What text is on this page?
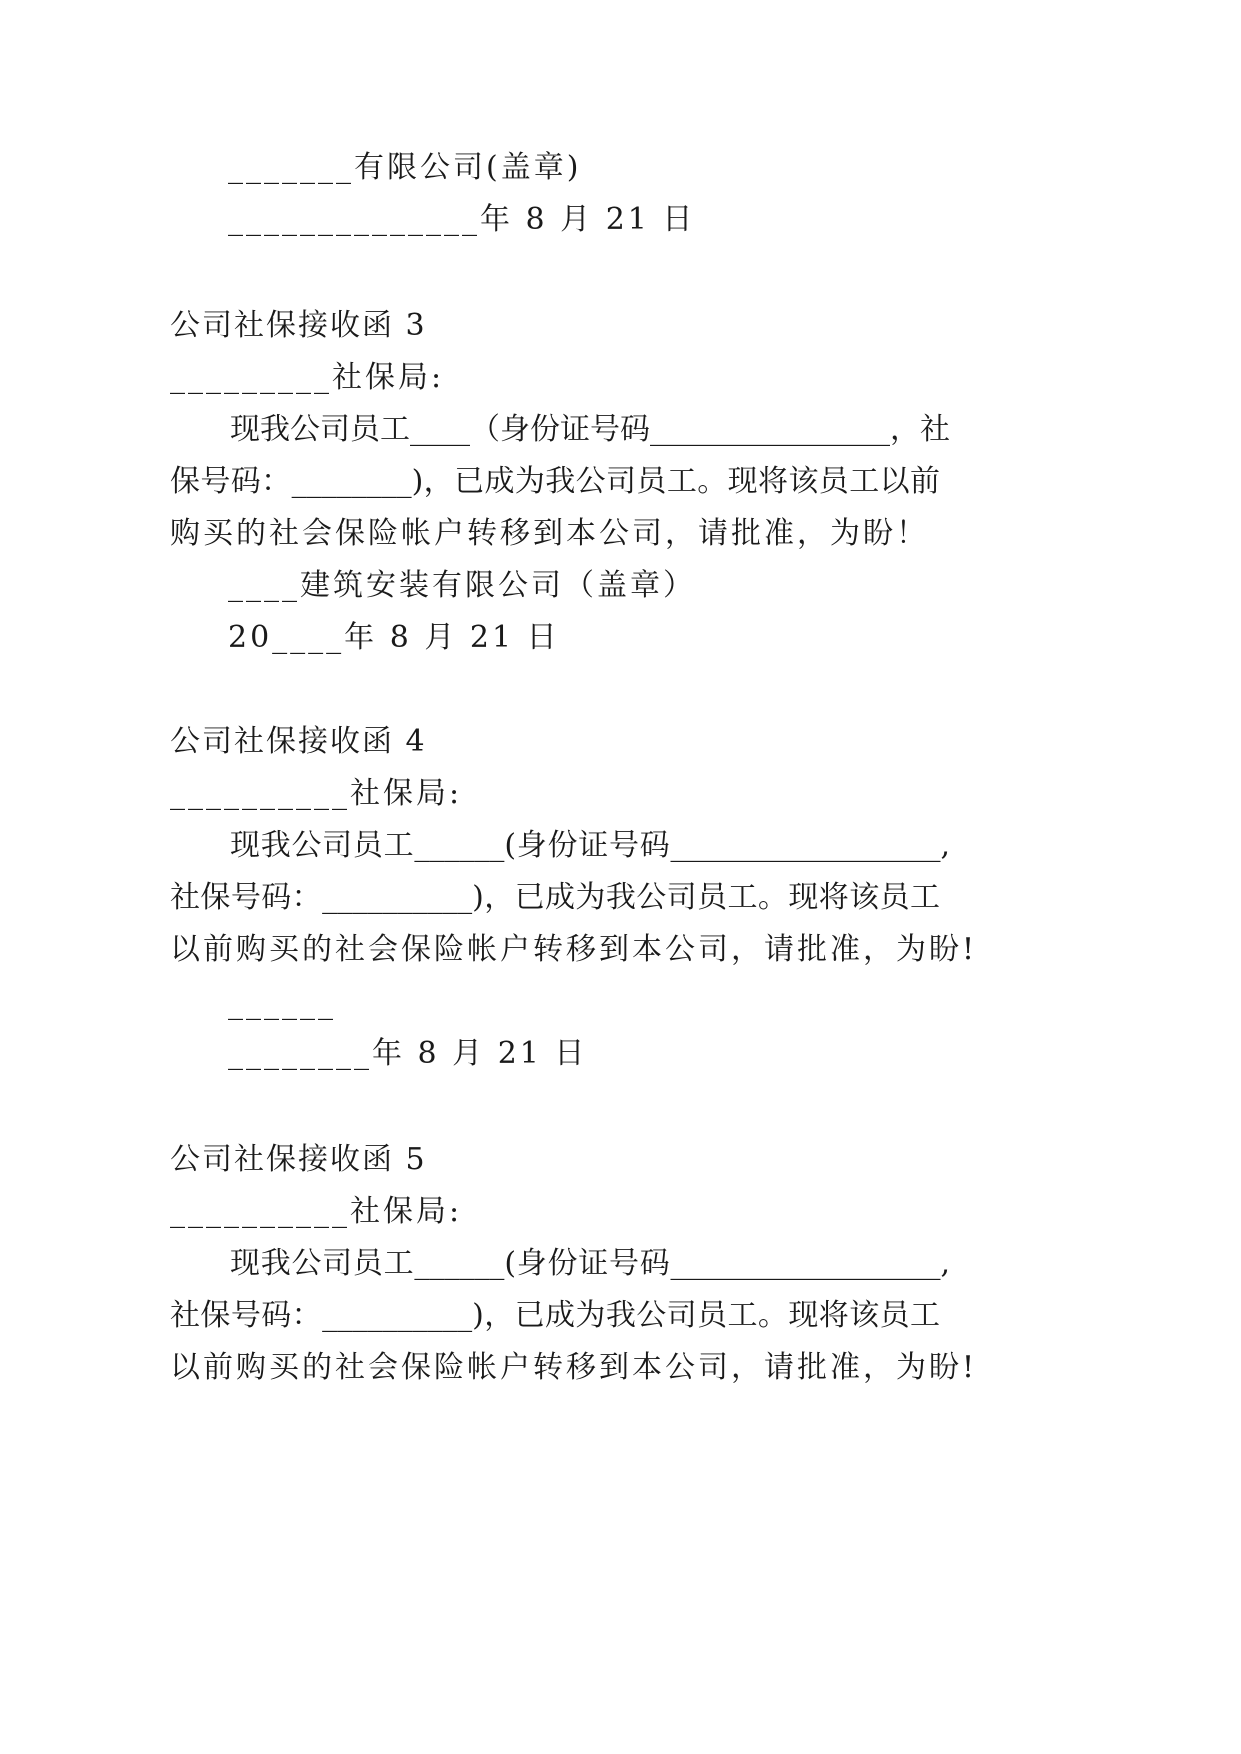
_______有限公司(盖章)
______________年 8 月 21 日
公司社保接收函 3
_________社保局:
现我公司员工____（身份证号码________________，社
保号码：________)，已成为我公司员工。现将该员工以前
购买的社会保险帐户转移到本公司，请批准，为盼！
____建筑安装有限公司（盖章）
20____年 8 月 21 日
公司社保接收函 4
__________社保局:
现我公司员工______(身份证号码__________________,
社保号码：__________)，已成为我公司员工。现将该员工
以前购买的社会保险帐户转移到本公司，请批准，为盼!
______
________年 8 月 21 日
公司社保接收函 5
__________社保局:
现我公司员工______(身份证号码__________________,
社保号码：__________)，已成为我公司员工。现将该员工
以前购买的社会保险帐户转移到本公司，请批准，为盼!
